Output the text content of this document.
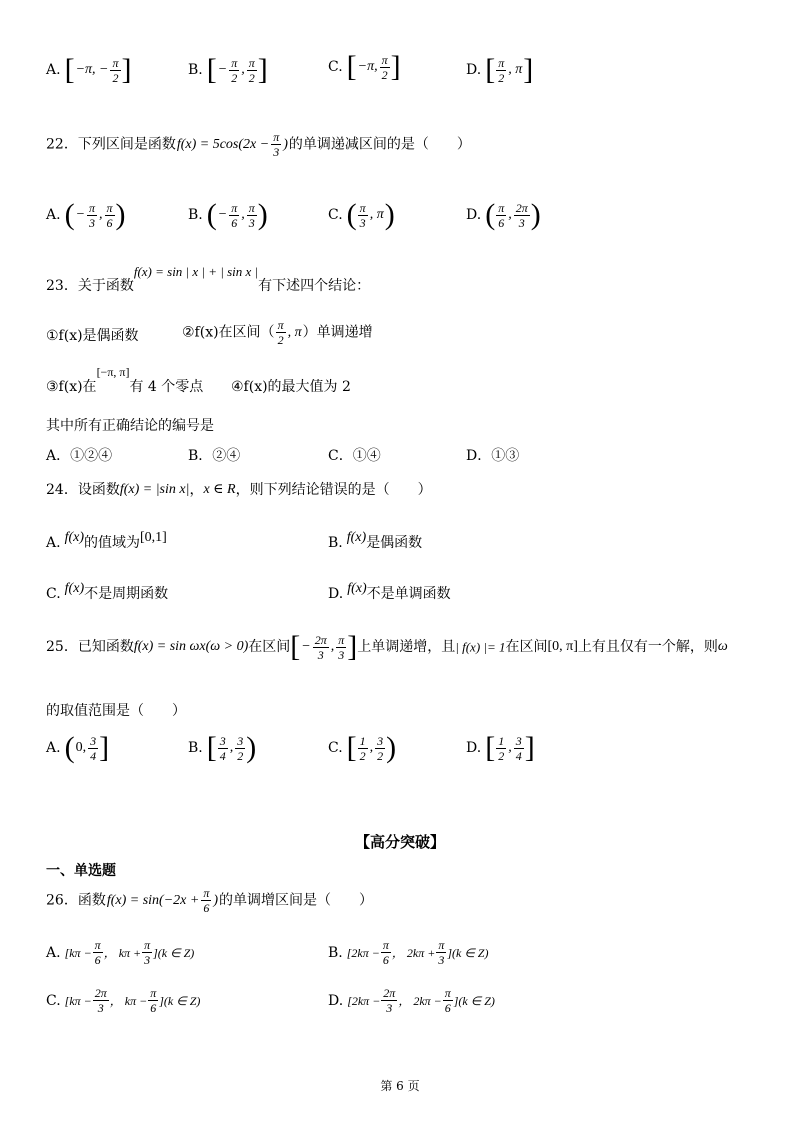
A. [ −π, − $\frac{\pi}{2}$ ]	B. [ − $\frac{\pi}{2}$ , $\frac{\pi}{2}$ ]	C. [ −π, $\frac{\pi}{2}$ ]	D. [ $\frac{\pi}{2}$ , π ]
22．下列区间是函数 $f(x) = 5\cos(2x - \frac{\pi}{3}$ ) 的单调递减区间的是（　　）
A. ( − $\frac{\pi}{3}$ , $\frac{\pi}{6}$ )	B. ( − $\frac{\pi}{6}$ , $\frac{\pi}{3}$ )	C. ( $\frac{\pi}{3}$ , π )	D. ( $\frac{\pi}{6}$ , $\frac{2\pi}{3}$ )
23．关于函数f(x) = sin | x | + | sin x |有下述四个结论：
①f(x)是偶函数	②f(x)在区间（ $\frac{\pi}{2}$ , π ）单调递增
③f(x)在[−π, π]有 4 个零点 ④f(x)的最大值为 2
其中所有正确结论的编号是
A．①②④	B．②④	C．①④	D．①③
24．设函数f(x) = |sin x|，x ∈ R，则下列结论错误的是（　　）
A. f(x)的值域为[0,1]	B. f(x)是偶函数
C. f(x)不是周期函数	D. f(x)不是单调函数
25．已知函数f(x) = sin ωx(ω > 0)在区间 [ − $\frac{2\pi}{3}$ , $\frac{\pi}{3}$ ] 上单调递增，且| f(x) |= 1在区间[0, π]上有且仅有一个解，则ω
的取值范围是（　　）
A. ( 0, $\frac{3}{4}$ ]	B. [ $\frac{3}{4}$ , $\frac{3}{2}$ )	C. [ $\frac{1}{2}$ , $\frac{3}{2}$ )	D. [ $\frac{1}{2}$ , $\frac{3}{4}$ ]
【高分突破】
一、单选题
26．函数 $f(x) = \sin(-2x + \frac{\pi}{6}$ ) 的单调增区间是（　　）
A. [$k\pi - \frac{\pi}{6}$ ， $k\pi + \frac{\pi}{3} ](k$ ∈ Z)	B. [$2k\pi - \frac{\pi}{6}$ ， $2k\pi + \frac{\pi}{3} ](k$ ∈ Z)
C. [$k\pi - \frac{2\pi}{3}$ ， $k\pi - \frac{\pi}{6} ](k$ ∈ Z)	D. [$2k\pi - \frac{2\pi}{3}$ ， $2k\pi - \frac{\pi}{6} ](k$ ∈ Z)
第 6 页
